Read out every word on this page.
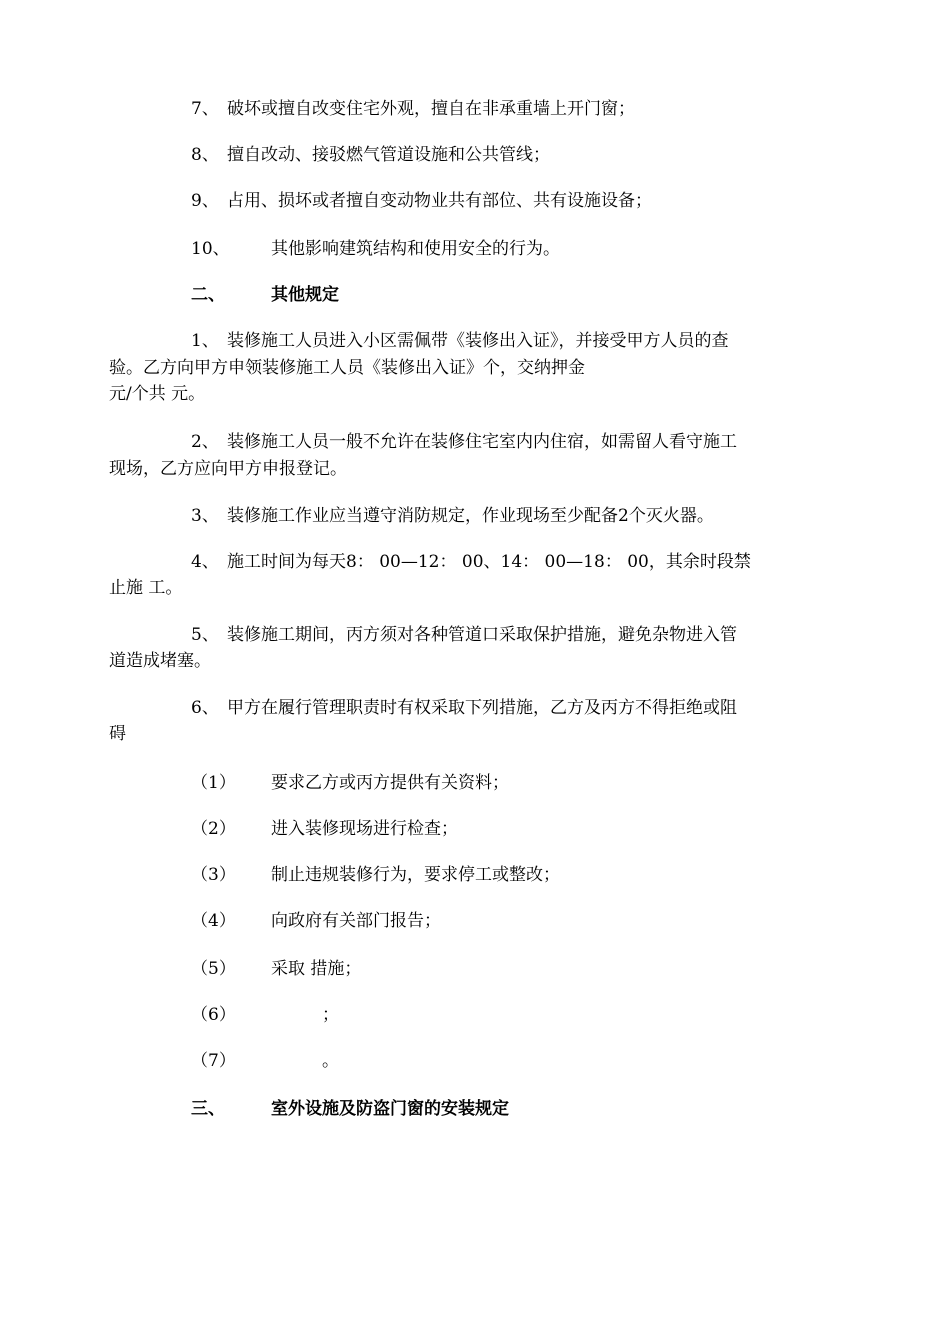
7、 破坏或擅自改变住宅外观，擅自在非承重墙上开门窗；
8、 擅自改动、接驳燃气管道设施和公共管线；
9、 占用、损坏或者擅自变动物业共有部位、共有设施设备；
10、 其他影响建筑结构和使用安全的行为。
二、	其他规定
1、 装修施工人员进入小区需佩带《装修出入证》，并接受甲方人员的查
验。乙方向甲方申领装修施工人员《装修出入证》个，交纳押金
元/个共 元。
2、 装修施工人员一般不允许在装修住宅室内内住宿，如需留人看守施工
现场，乙方应向甲方申报登记。
3、 装修施工作业应当遵守消防规定，作业现场至少配备2个灭火器。
4、 施工时间为每天8： 00—12： 00、14： 00—18： 00，其余时段禁
止施 工。
5、 装修施工期间，丙方须对各种管道口采取保护措施，避免杂物进入管
道造成堵塞。
6、 甲方在履行管理职责时有权采取下列措施，乙方及丙方不得拒绝或阻
碍
（1） 要求乙方或丙方提供有关资料；
（2） 进入装修现场进行检查；
（3） 制止违规装修行为，要求停工或整改；
（4） 向政府有关部门报告；
（5） 采取 措施；
（6）	；
（7）	。
三、	室外设施及防盗门窗的安装规定
